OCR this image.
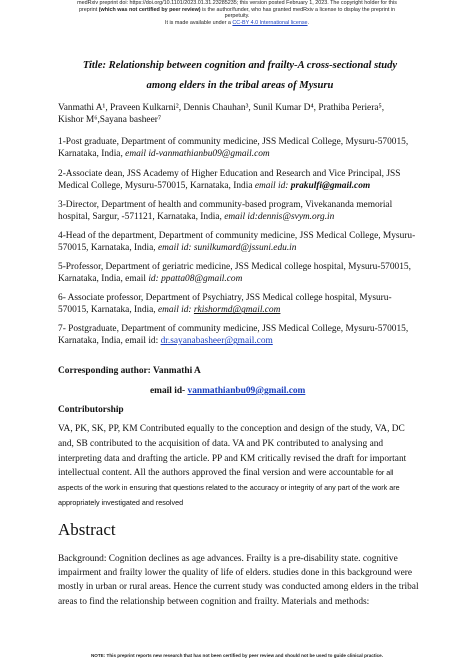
medRxiv preprint doi: https://doi.org/10.1101/2023.01.31.23285235; this version posted February 1, 2023. The copyright holder for this
preprint (which was not certified by peer review) is the author/funder, who has granted medRxiv a license to display the preprint in
perpetuity.
It is made available under a CC-BY 4.0 International license.
Title: Relationship between cognition and frailty-A cross-sectional study
among elders in the tribal areas of Mysuru
Vanmathi A¹, Praveen Kulkarni², Dennis Chauhan³, Sunil Kumar D⁴, Prathiba Periera⁵,
Kishor M⁶,Sayana basheer⁷
1-Post graduate, Department of community medicine, JSS Medical College, Mysuru-570015, Karnataka, India, email id-vanmathianbu09@gmail.com
2-Associate dean, JSS Academy of Higher Education and Research and Vice Principal, JSS Medical College, Mysuru-570015, Karnataka, India email id: prakulfi@gmail.com
3-Director, Department of health and community-based program, Vivekananda memorial hospital, Sargur, -571121, Karnataka, India, email id:dennis@svym.org.in
4-Head of the department, Department of community medicine, JSS Medical College, Mysuru-570015, Karnataka, India, email id: sunilkumard@jssuni.edu.in
5-Professor, Department of geriatric medicine, JSS Medical college hospital, Mysuru-570015, Karnataka, India, email id: ppatta08@gmail.com
6- Associate professor, Department of Psychiatry, JSS Medical college hospital, Mysuru-570015, Karnataka, India, email id: rkishormd@gmail.com
7- Postgraduate, Department of community medicine, JSS Medical College, Mysuru-570015, Karnataka, India, email id: dr.sayanabasheer@gmail.com
Corresponding author: Vanmathi A
email id- vanmathianbu09@gmail.com
Contributorship
VA, PK, SK, PP, KM Contributed equally to the conception and design of the study, VA, DC and, SB contributed to the acquisition of data. VA and PK contributed to analysing and interpreting data and drafting the article. PP and KM critically revised the draft for important intellectual content. All the authors approved the final version and were accountable for all aspects of the work in ensuring that questions related to the accuracy or integrity of any part of the work are appropriately investigated and resolved
Abstract
Background: Cognition declines as age advances. Frailty is a pre-disability state. cognitive impairment and frailty lower the quality of life of elders. studies done in this background were mostly in urban or rural areas. Hence the current study was conducted among elders in the tribal areas to find the relationship between cognition and frailty. Materials and methods:
NOTE: This preprint reports new research that has not been certified by peer review and should not be used to guide clinical practice.
